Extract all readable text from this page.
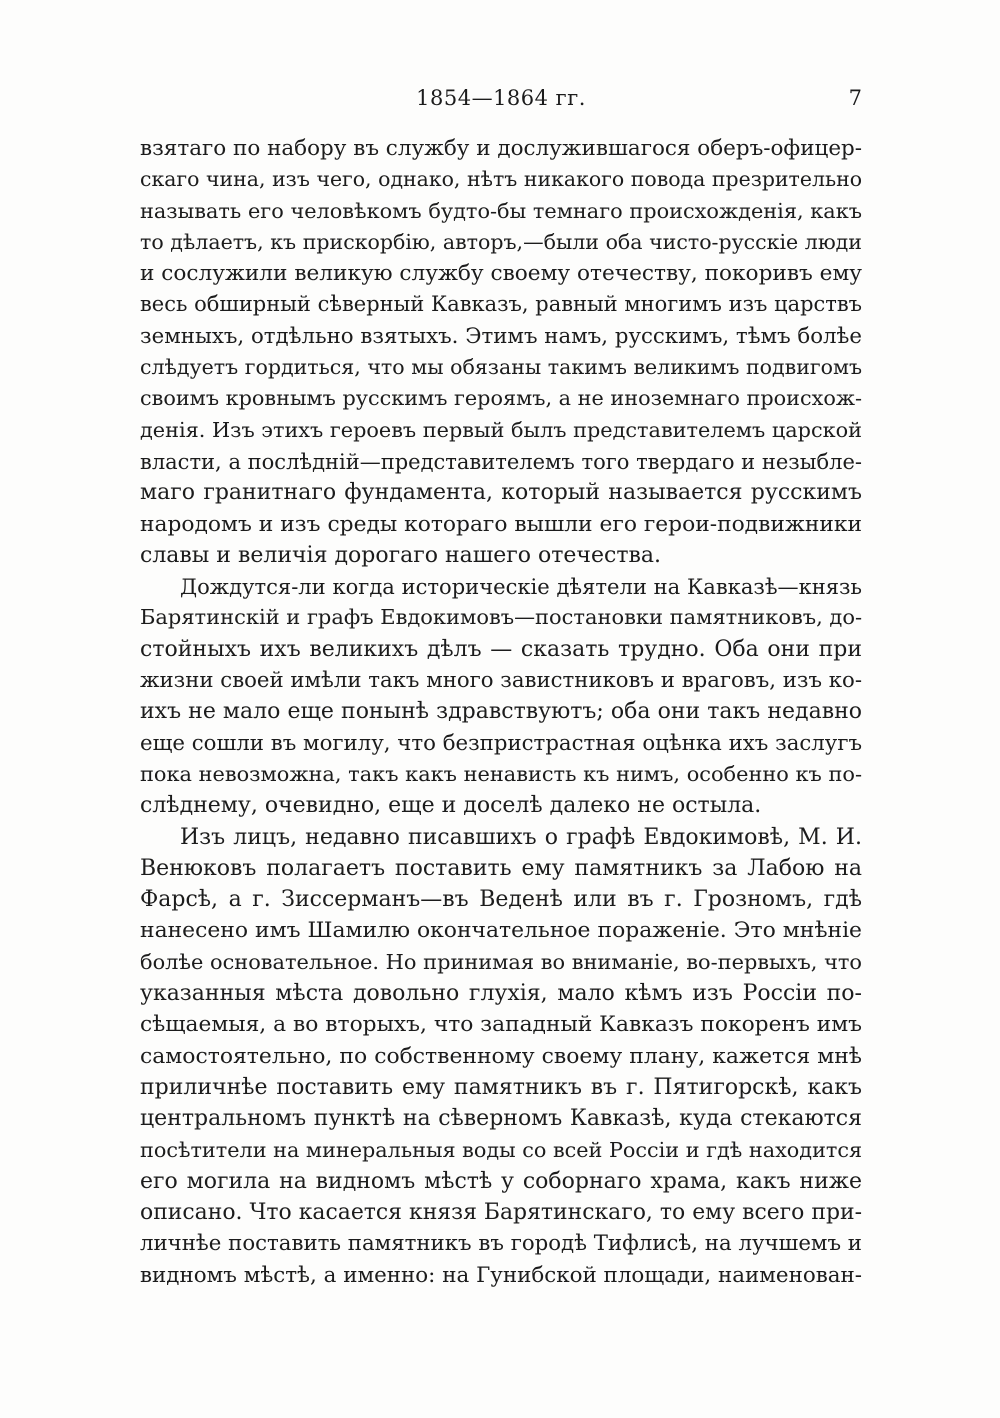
1854—1864 гг.	7
взятаго по набору въ службу и дослужившагося оберъ-офицер-
скаго чина, изъ чего, однако, нѣтъ никакого повода презрительно
называть его человѣкомъ будто-бы темнаго происхожденія, какъ
то дѣлаетъ, къ прискорбію, авторъ,—были оба чисто-русскіе люди
и сослужили великую службу своему отечеству, покоривъ ему
весь обширный сѣверный Кавказъ, равный многимъ изъ царствъ
земныхъ, отдѣльно взятыхъ. Этимъ намъ, русскимъ, тѣмъ болѣе
слѣдуетъ гордиться, что мы обязаны такимъ великимъ подвигомъ
своимъ кровнымъ русскимъ героямъ, а не иноземнаго происхож-
денія. Изъ этихъ героевъ первый былъ представителемъ царской
власти, а послѣдній—представителемъ того твердаго и незыбле-
маго гранитнаго фундамента, который называется русскимъ
народомъ и изъ среды котораго вышли его герои-подвижники
славы и величія дорогаго нашего отечества.
Дождутся-ли когда историческіе дѣятели на Кавказѣ—князь
Барятинскій и графъ Евдокимовъ—постановки памятниковъ, до-
стойныхъ ихъ великихъ дѣлъ — сказать трудно. Оба они при
жизни своей имѣли такъ много завистниковъ и враговъ, изъ ко-
ихъ не мало еще понынѣ здравствуютъ; оба они такъ недавно
еще сошли въ могилу, что безпристрастная оцѣнка ихъ заслугъ
пока невозможна, такъ какъ ненависть къ нимъ, особенно къ по-
слѣднему, очевидно, еще и доселѣ далеко не остыла.
Изъ лицъ, недавно писавшихъ о графѣ Евдокимовѣ, М. И.
Венюковъ полагаетъ поставить ему памятникъ за Лабою на
Фарсѣ, а г. Зиссерманъ—въ Веденѣ или въ г. Грозномъ, гдѣ
нанесено имъ Шамилю окончательное пораженіе. Это мнѣніе
болѣе основательное. Но принимая во вниманіе, во-первыхъ, что
указанныя мѣста довольно глухія, мало кѣмъ изъ Россіи по-
сѣщаемыя, а во вторыхъ, что западный Кавказъ покоренъ имъ
самостоятельно, по собственному своему плану, кажется мнѣ
приличнѣе поставить ему памятникъ въ г. Пятигорскѣ, какъ
центральномъ пунктѣ на сѣверномъ Кавказѣ, куда стекаются
посѣтители на минеральныя воды со всей Россіи и гдѣ находится
его могила на видномъ мѣстѣ у соборнаго храма, какъ ниже
описано. Что касается князя Барятинскаго, то ему всего при-
личнѣе поставить памятникъ въ городѣ Тифлисѣ, на лучшемъ и
видномъ мѣстѣ, а именно: на Гунибской площади, наименован-
